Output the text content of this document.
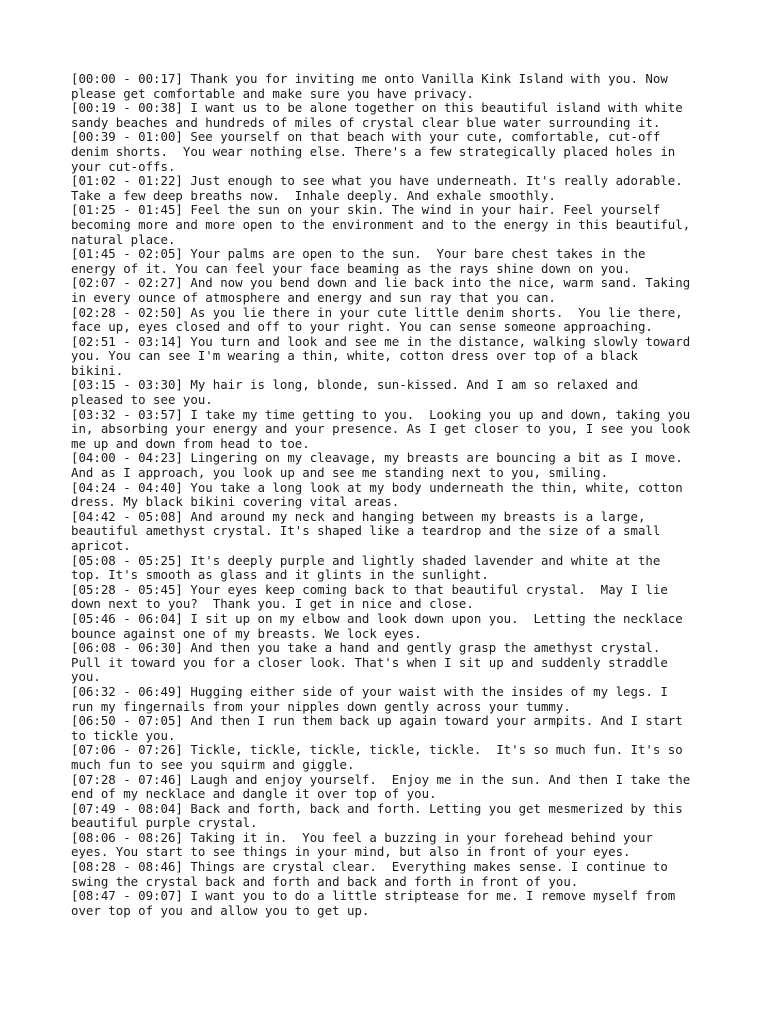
[00:00 - 00:17] Thank you for inviting me onto Vanilla Kink Island with you. Now
please get comfortable and make sure you have privacy.
[00:19 - 00:38] I want us to be alone together on this beautiful island with white
sandy beaches and hundreds of miles of crystal clear blue water surrounding it.
[00:39 - 01:00] See yourself on that beach with your cute, comfortable, cut-off
denim shorts.  You wear nothing else. There's a few strategically placed holes in
your cut-offs.
[01:02 - 01:22] Just enough to see what you have underneath. It's really adorable.
Take a few deep breaths now.  Inhale deeply. And exhale smoothly.
[01:25 - 01:45] Feel the sun on your skin. The wind in your hair. Feel yourself
becoming more and more open to the environment and to the energy in this beautiful,
natural place.
[01:45 - 02:05] Your palms are open to the sun.  Your bare chest takes in the
energy of it. You can feel your face beaming as the rays shine down on you.
[02:07 - 02:27] And now you bend down and lie back into the nice, warm sand. Taking
in every ounce of atmosphere and energy and sun ray that you can.
[02:28 - 02:50] As you lie there in your cute little denim shorts.  You lie there,
face up, eyes closed and off to your right. You can sense someone approaching.
[02:51 - 03:14] You turn and look and see me in the distance, walking slowly toward
you. You can see I'm wearing a thin, white, cotton dress over top of a black
bikini.
[03:15 - 03:30] My hair is long, blonde, sun-kissed. And I am so relaxed and
pleased to see you.
[03:32 - 03:57] I take my time getting to you.  Looking you up and down, taking you
in, absorbing your energy and your presence. As I get closer to you, I see you look
me up and down from head to toe.
[04:00 - 04:23] Lingering on my cleavage, my breasts are bouncing a bit as I move.
And as I approach, you look up and see me standing next to you, smiling.
[04:24 - 04:40] You take a long look at my body underneath the thin, white, cotton
dress. My black bikini covering vital areas.
[04:42 - 05:08] And around my neck and hanging between my breasts is a large,
beautiful amethyst crystal. It's shaped like a teardrop and the size of a small
apricot.
[05:08 - 05:25] It's deeply purple and lightly shaded lavender and white at the
top. It's smooth as glass and it glints in the sunlight.
[05:28 - 05:45] Your eyes keep coming back to that beautiful crystal.  May I lie
down next to you?  Thank you. I get in nice and close.
[05:46 - 06:04] I sit up on my elbow and look down upon you.  Letting the necklace
bounce against one of my breasts. We lock eyes.
[06:08 - 06:30] And then you take a hand and gently grasp the amethyst crystal.
Pull it toward you for a closer look. That's when I sit up and suddenly straddle
you.
[06:32 - 06:49] Hugging either side of your waist with the insides of my legs. I
run my fingernails from your nipples down gently across your tummy.
[06:50 - 07:05] And then I run them back up again toward your armpits. And I start
to tickle you.
[07:06 - 07:26] Tickle, tickle, tickle, tickle, tickle.  It's so much fun. It's so
much fun to see you squirm and giggle.
[07:28 - 07:46] Laugh and enjoy yourself.  Enjoy me in the sun. And then I take the
end of my necklace and dangle it over top of you.
[07:49 - 08:04] Back and forth, back and forth. Letting you get mesmerized by this
beautiful purple crystal.
[08:06 - 08:26] Taking it in.  You feel a buzzing in your forehead behind your
eyes. You start to see things in your mind, but also in front of your eyes.
[08:28 - 08:46] Things are crystal clear.  Everything makes sense. I continue to
swing the crystal back and forth and back and forth in front of you.
[08:47 - 09:07] I want you to do a little striptease for me. I remove myself from
over top of you and allow you to get up.
